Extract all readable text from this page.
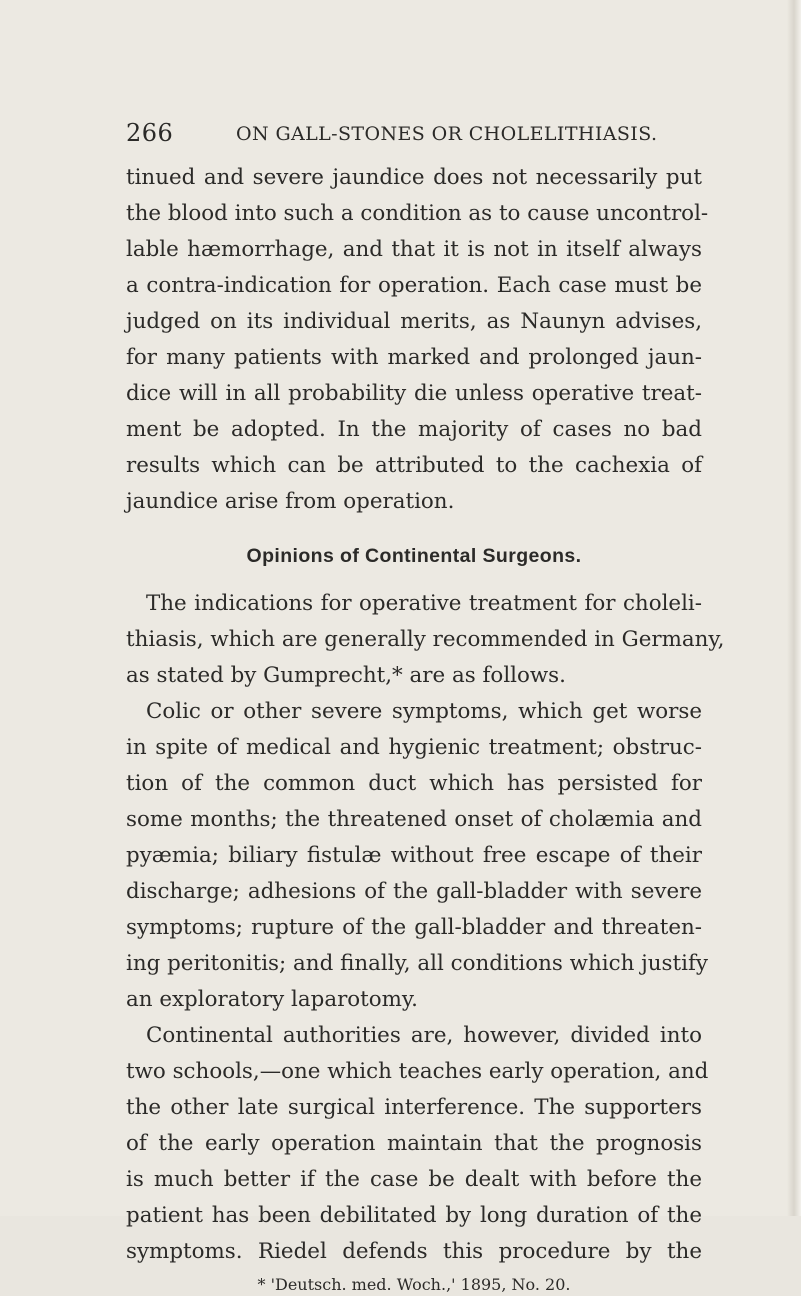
266	ON GALL-STONES OR CHOLELITHIASIS.
tinued and severe jaundice does not necessarily put
the blood into such a condition as to cause uncontrol-
lable hæmorrhage, and that it is not in itself always
a contra-indication for operation. Each case must be
judged on its individual merits, as Naunyn advises,
for many patients with marked and prolonged jaun-
dice will in all probability die unless operative treat-
ment be adopted. In the majority of cases no bad
results which can be attributed to the cachexia of
jaundice arise from operation.
Opinions of Continental Surgeons.
The indications for operative treatment for choleli-
thiasis, which are generally recommended in Germany,
as stated by Gumprecht,* are as follows.
Colic or other severe symptoms, which get worse
in spite of medical and hygienic treatment; obstruc-
tion of the common duct which has persisted for
some months; the threatened onset of cholæmia and
pyæmia; biliary fistulæ without free escape of their
discharge; adhesions of the gall-bladder with severe
symptoms; rupture of the gall-bladder and threaten-
ing peritonitis; and finally, all conditions which justify
an exploratory laparotomy.
Continental authorities are, however, divided into
two schools,—one which teaches early operation, and
the other late surgical interference. The supporters
of the early operation maintain that the prognosis
is much better if the case be dealt with before the
patient has been debilitated by long duration of the
symptoms. Riedel defends this procedure by the
* 'Deutsch. med. Woch.,' 1895, No. 20.
